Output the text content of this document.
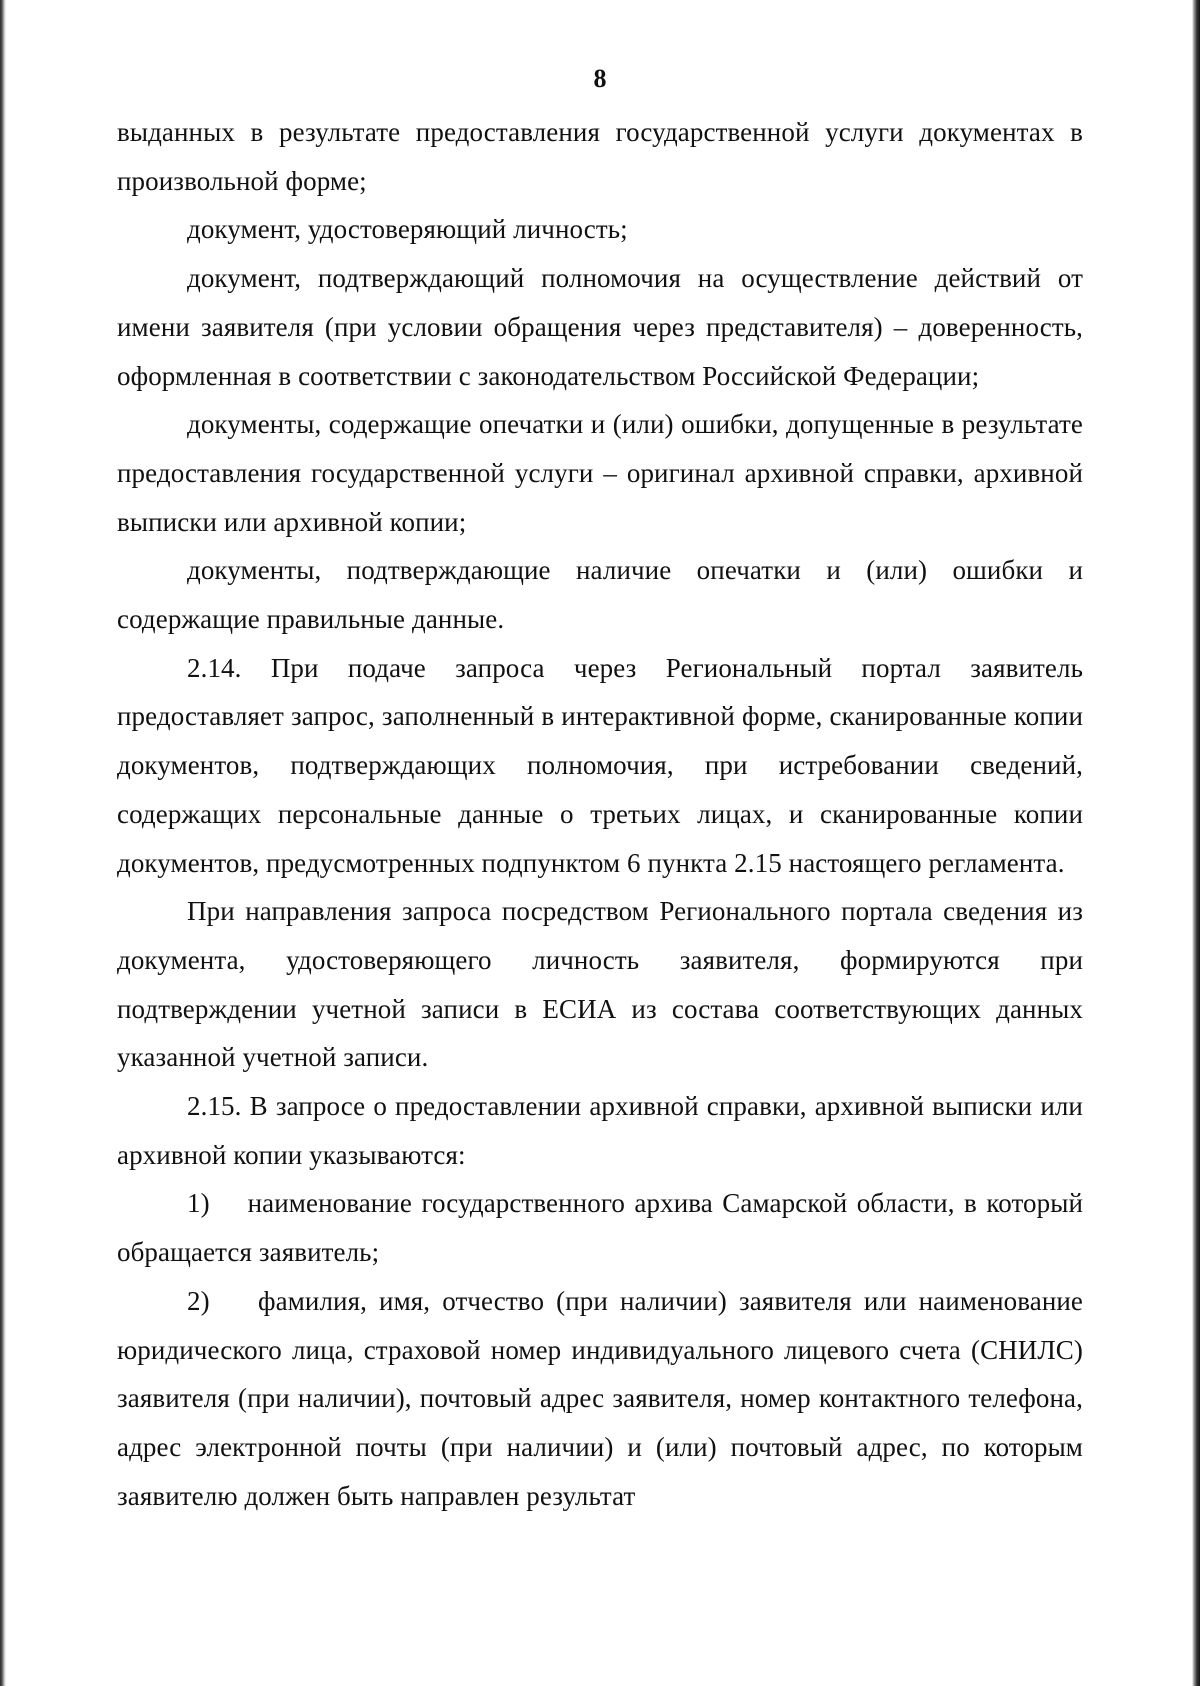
8

выданных в результате предоставления государственной услуги документах в произвольной форме;

документ, удостоверяющий личность;

документ, подтверждающий полномочия на осуществление действий от имени заявителя (при условии обращения через представителя) – доверенность, оформленная в соответствии с законодательством Российской Федерации;

документы, содержащие опечатки и (или) ошибки, допущенные в результате предоставления государственной услуги – оригинал архивной справки, архивной выписки или архивной копии;

документы, подтверждающие наличие опечатки и (или) ошибки и содержащие правильные данные.

2.14. При подаче запроса через Региональный портал заявитель предоставляет запрос, заполненный в интерактивной форме, сканированные копии документов, подтверждающих полномочия, при истребовании сведений, содержащих персональные данные о третьих лицах, и сканированные копии документов, предусмотренных подпунктом 6 пункта 2.15 настоящего регламента.

При направления запроса посредством Регионального портала сведения из документа, удостоверяющего личность заявителя, формируются при подтверждении учетной записи в ЕСИА из состава соответствующих данных указанной учетной записи.

2.15. В запросе о предоставлении архивной справки, архивной выписки или архивной копии указываются:

1)    наименование государственного архива Самарской области, в который обращается заявитель;

2)    фамилия, имя, отчество (при наличии) заявителя или наименование юридического лица, страховой номер индивидуального лицевого счета (СНИЛС) заявителя (при наличии), почтовый адрес заявителя, номер контактного телефона, адрес электронной почты (при наличии) и (или) почтовый адрес, по которым заявителю должен быть направлен результат
